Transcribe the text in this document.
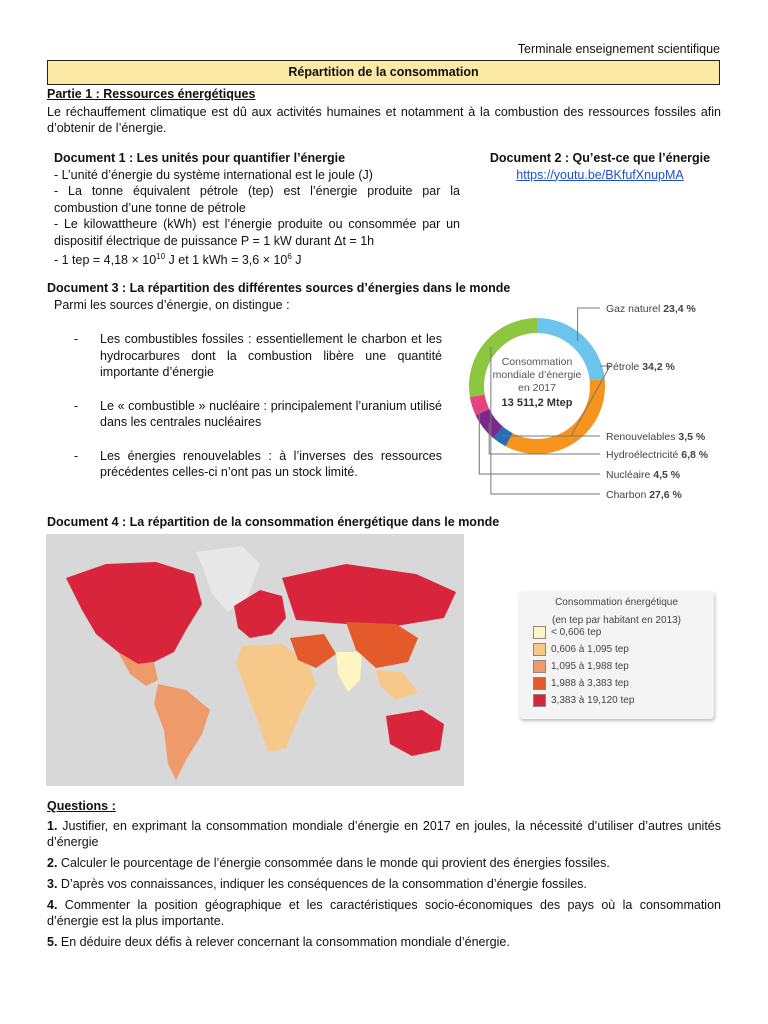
Terminale enseignement scientifique
Répartition de la consommation
Partie 1 : Ressources énergétiques
Le réchauffement climatique est dû aux activités humaines et notamment à la combustion des ressources fossiles afin d’obtenir de l’énergie.
Document 1 : Les unités pour quantifier l’énergie
- L’unité d’énergie du système international est le joule (J)
- La tonne équivalent pétrole (tep) est l’énergie produite par la combustion d’une tonne de pétrole
- Le kilowattheure (kWh) est l’énergie produite ou consommée par un dispositif électrique de puissance P = 1 kW durant Δt = 1h
- 1 tep = $4,18 \times 10^{10}$ J et 1 kWh = $3,6 \times 10^6$ J
Document 2 : Qu’est-ce que l’énergie
https://youtu.be/BKfufXnupMA
Document 3 : La répartition des différentes sources d’énergies dans le monde
Parmi les sources d’énergie, on distingue :
- Les combustibles fossiles : essentiellement le charbon et les hydrocarbures dont la combustion libère une quantité importante d’énergie
- Le « combustible » nucléaire : principalement l’uranium utilisé dans les centrales nucléaires
- Les énergies renouvelables : à l’inverses des ressources précédentes celles-ci n’ont pas un stock limité.
Consommation
mondiale d’énergie
en 2017
13 511,2 Mtep
Gaz naturel 23,4 %
Pétrole 34,2 %
Renouvelables 3,5 %
Hydroélectricité 6,8 %
Nucléaire 4,5 %
Charbon 27,6 %
Document 4 : La répartition de la consommation énergétique dans le monde
Consommation énergétique
(en tep par habitant en 2013)
< 0,606 tep
0,606 à 1,095 tep
1,095 à 1,988 tep
1,988 à 3,383 tep
3,383 à 19,120 tep
Questions :
1. Justifier, en exprimant la consommation mondiale d’énergie en 2017 en joules, la nécessité d’utiliser d’autres unités d’énergie
2. Calculer le pourcentage de l’énergie consommée dans le monde qui provient des énergies fossiles.
3. D’après vos connaissances, indiquer les conséquences de la consommation d’énergie fossiles.
4. Commenter la position géographique et les caractéristiques socio-économiques des pays où la consommation d’énergie est la plus importante.
5. En déduire deux défis à relever concernant la consommation mondiale d’énergie.
